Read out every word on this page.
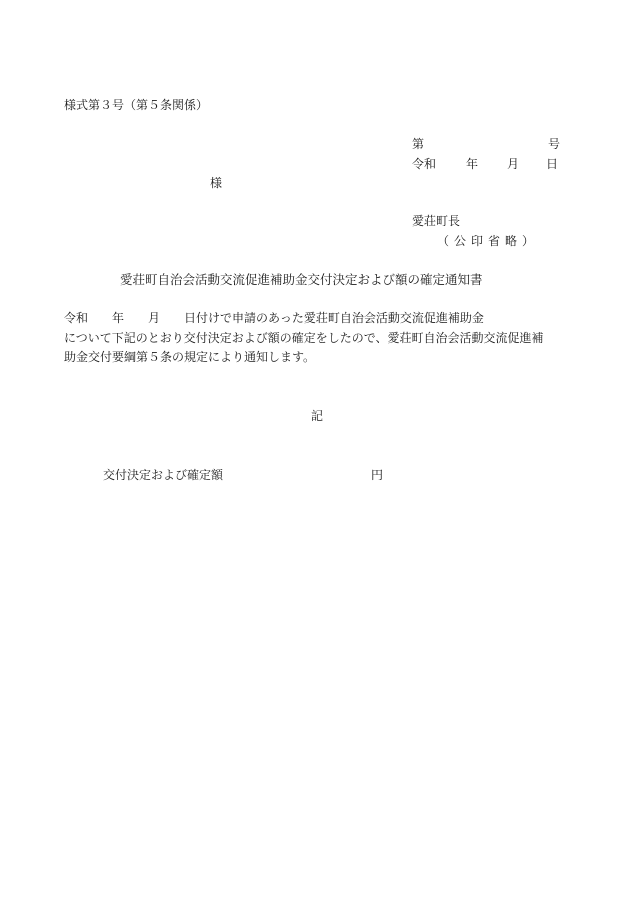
様式第３号（第５条関係）
第	号
令和 年 月 日
様
愛荘町長
（公印省略）
愛荘町自治会活動交流促進補助金交付決定および額の確定通知書
令和　　年　　月　　日付けで申請のあった愛荘町自治会活動交流促進補助金
について下記のとおり交付決定および額の確定をしたので、愛荘町自治会活動交流促進補
助金交付要綱第５条の規定により通知します。
記
交付決定および確定額	円
